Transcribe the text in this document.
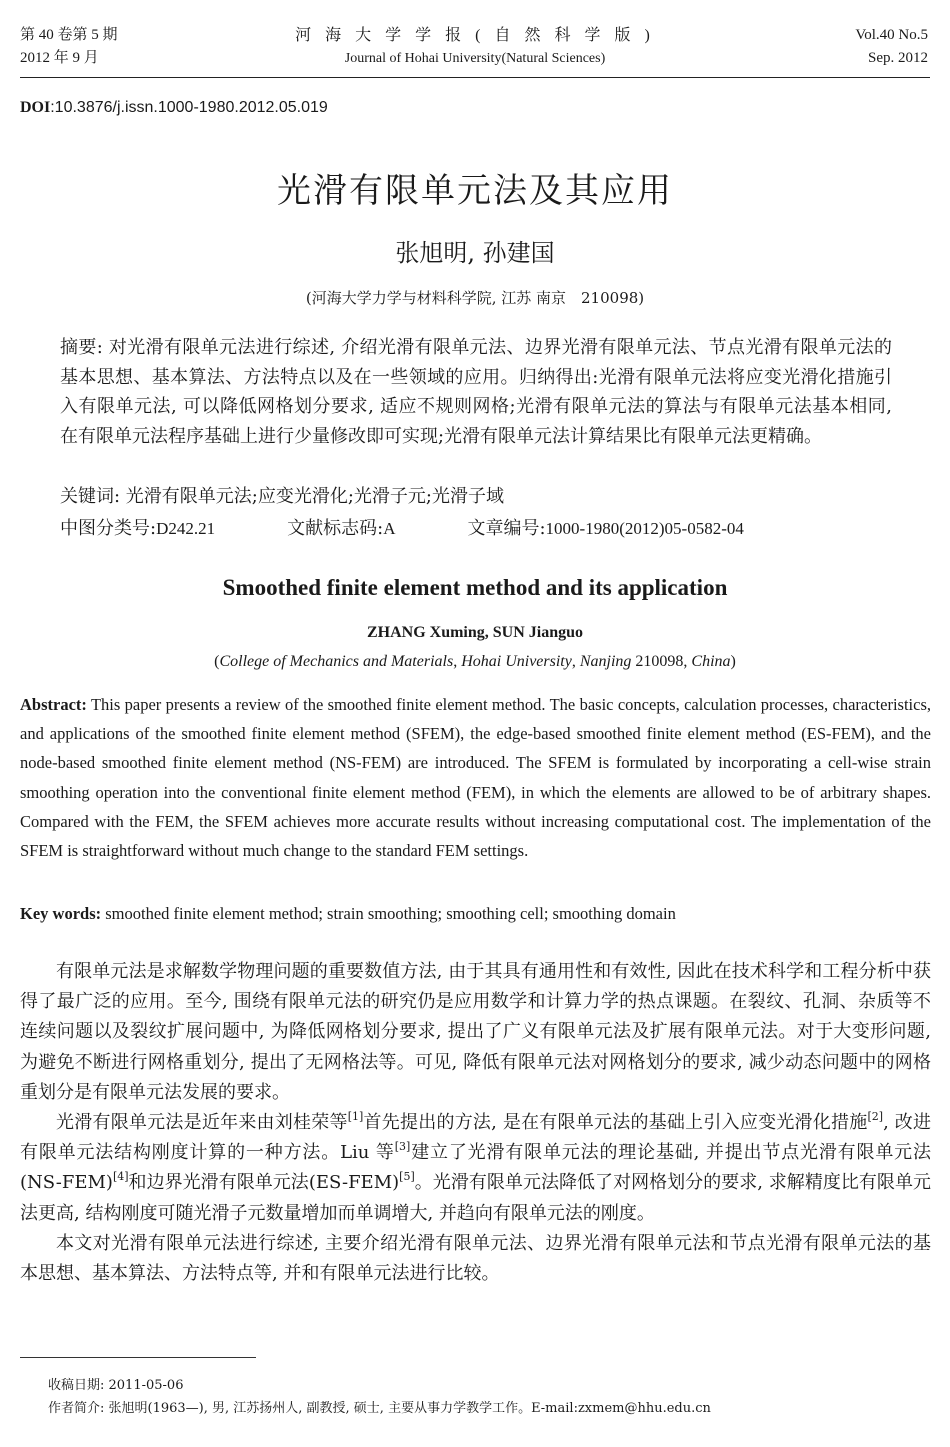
第 40 卷第 5 期
2012 年 9 月
河 海 大 学 学 报 ( 自 然 科 学 版 )
Journal of Hohai University(Natural Sciences)
Vol.40 No.5
Sep. 2012
DOI:10.3876/j.issn.1000-1980.2012.05.019
光滑有限单元法及其应用
张旭明, 孙建国
(河海大学力学与材料科学院, 江苏 南京　210098)
摘要: 对光滑有限单元法进行综述, 介绍光滑有限单元法、边界光滑有限单元法、节点光滑有限单元法的基本思想、基本算法、方法特点以及在一些领域的应用。归纳得出:光滑有限单元法将应变光滑化措施引入有限单元法, 可以降低网格划分要求, 适应不规则网格;光滑有限单元法的算法与有限单元法基本相同, 在有限单元法程序基础上进行少量修改即可实现;光滑有限单元法计算结果比有限单元法更精确。
关键词: 光滑有限单元法;应变光滑化;光滑子元;光滑子域
中图分类号:D242.21	文献标志码:A	文章编号:1000-1980(2012)05-0582-04
Smoothed finite element method and its application
ZHANG Xuming, SUN Jianguo
(College of Mechanics and Materials, Hohai University, Nanjing 210098, China)
Abstract: This paper presents a review of the smoothed finite element method. The basic concepts, calculation processes, characteristics, and applications of the smoothed finite element method (SFEM), the edge-based smoothed finite element method (ES-FEM), and the node-based smoothed finite element method (NS-FEM) are introduced. The SFEM is formulated by incorporating a cell-wise strain smoothing operation into the conventional finite element method (FEM), in which the elements are allowed to be of arbitrary shapes. Compared with the FEM, the SFEM achieves more accurate results without increasing computational cost. The implementation of the SFEM is straightforward without much change to the standard FEM settings.
Key words: smoothed finite element method; strain smoothing; smoothing cell; smoothing domain

有限单元法是求解数学物理问题的重要数值方法, 由于其具有通用性和有效性, 因此在技术科学和工程分析中获得了最广泛的应用。至今, 围绕有限单元法的研究仍是应用数学和计算力学的热点课题。在裂纹、孔洞、杂质等不连续问题以及裂纹扩展问题中, 为降低网格划分要求, 提出了广义有限单元法及扩展有限单元法。对于大变形问题, 为避免不断进行网格重划分, 提出了无网格法等。可见, 降低有限单元法对网格划分的要求, 减少动态问题中的网格重划分是有限单元法发展的要求。

光滑有限单元法是近年来由刘桂荣等[1]首先提出的方法, 是在有限单元法的基础上引入应变光滑化措施[2], 改进有限单元法结构刚度计算的一种方法。Liu 等[3]建立了光滑有限单元法的理论基础, 并提出节点光滑有限单元法(NS-FEM)[4]和边界光滑有限单元法(ES-FEM)[5]。光滑有限单元法降低了对网格划分的要求, 求解精度比有限单元法更高, 结构刚度可随光滑子元数量增加而单调增大, 并趋向有限单元法的刚度。

本文对光滑有限单元法进行综述, 主要介绍光滑有限单元法、边界光滑有限单元法和节点光滑有限单元法的基本思想、基本算法、方法特点等, 并和有限单元法进行比较。

收稿日期: 2011-05-06
作者简介: 张旭明(1963—), 男, 江苏扬州人, 副教授, 硕士, 主要从事力学教学工作。E-mail:zxmem@hhu.edu.cn
